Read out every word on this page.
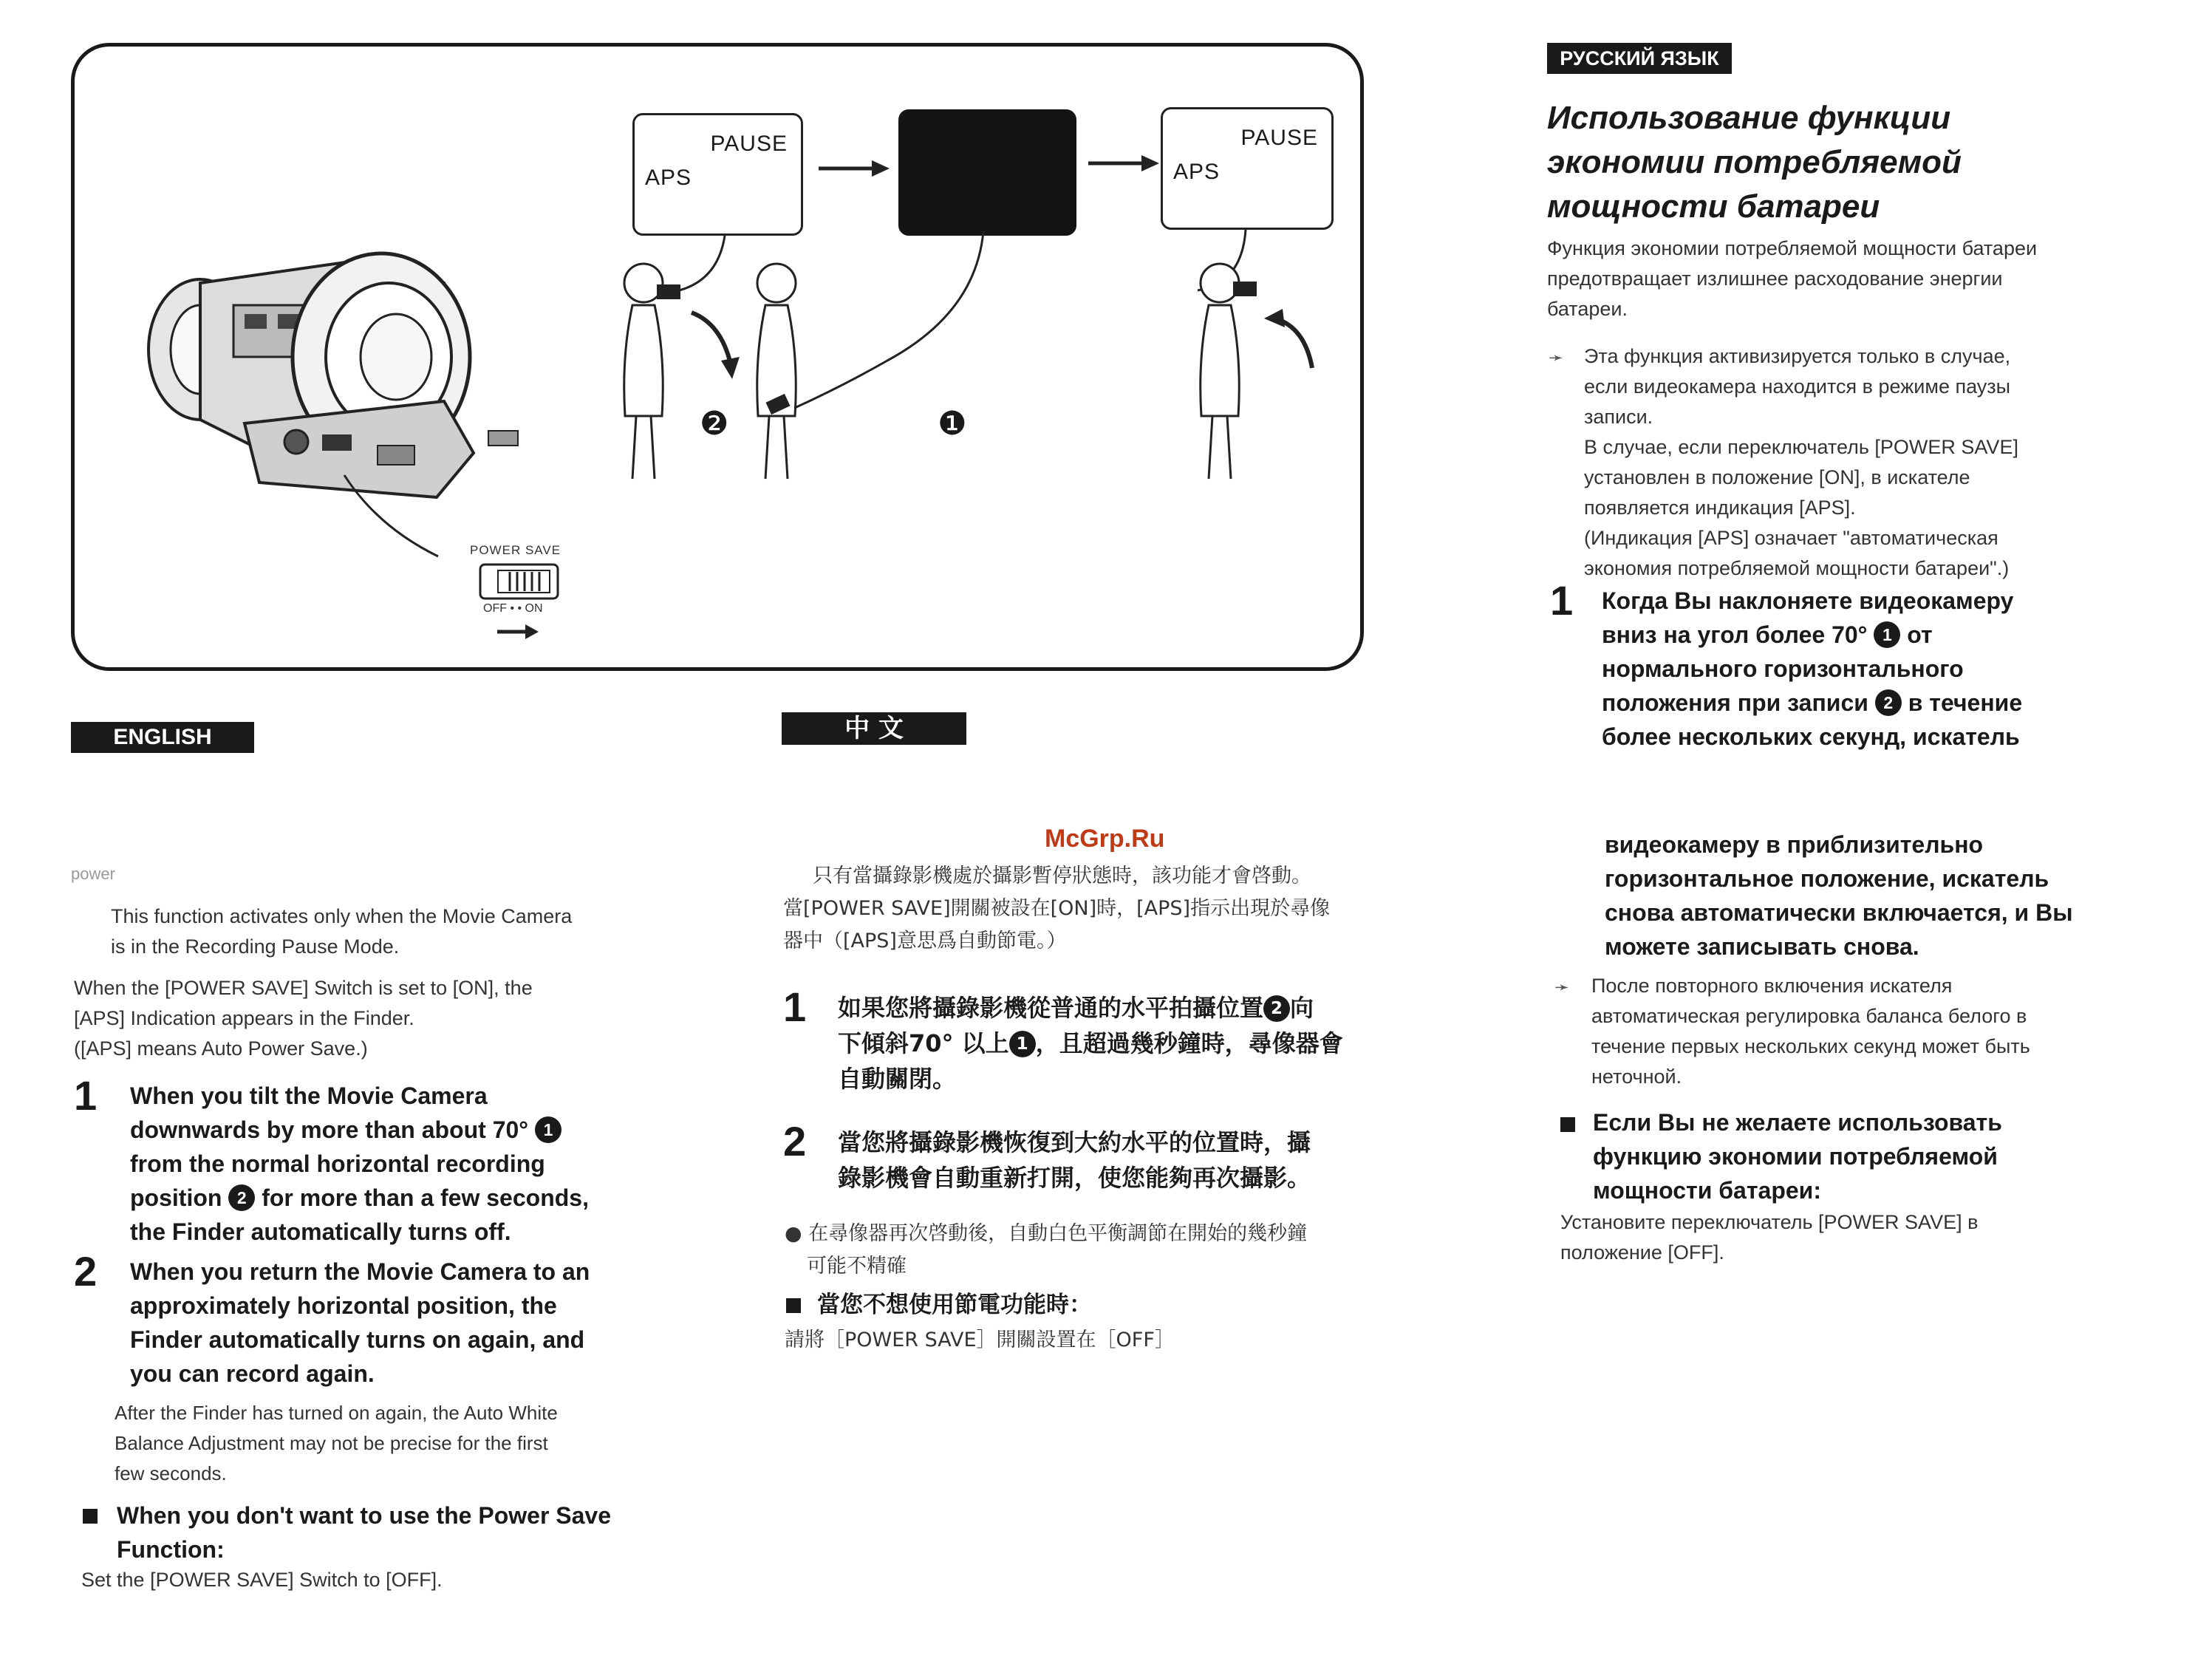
POWER SAVE
OFF • • ON
PAUSE
APS
PAUSE
APS
❷	❶
ENGLISH
power
This function activates only when the Movie Camera
is in the Recording Pause Mode.
When the [POWER SAVE] Switch is set to [ON], the
[APS] Indication appears in the Finder.
([APS] means Auto Power Save.)
1 When you tilt the Movie Camera
downwards by more than about 70° 1
from the normal horizontal recording
position 2 for more than a few seconds,
the Finder automatically turns off.
2 When you return the Movie Camera to an
approximately horizontal position, the
Finder automatically turns on again, and
you can record again.
After the Finder has turned on again, the Auto White
Balance Adjustment may not be precise for the first
few seconds.
When you don't want to use the Power Save
Function:
Set the [POWER SAVE] Switch to [OFF].
中 文
McGrp.Ru
只有當攝錄影機處於攝影暫停狀態時，該功能才會啓動。
當[POWER SAVE]開關被設在[ON]時，[APS]指示出現於尋像
器中（[APS]意思爲自動節電。）
1 如果您將攝錄影機從普通的水平拍攝位置 2 向
下傾斜70° 以上 1 ，且超過幾秒鐘時，尋像器會
自動關閉。
2 當您將攝錄影機恢復到大約水平的位置時，攝
錄影機會自動重新打開，使您能夠再次攝影。
● 在尋像器再次啓動後，自動白色平衡調節在開始的幾秒鐘
可能不精確
當您不想使用節電功能時：
請將［POWER SAVE］開關設置在［OFF］
РУССКИЙ ЯЗЫК
Использование функции
экономии потребляемой
мощности батареи
Функция экономии потребляемой мощности батареи
предотвращает излишнее расходование энергии
батареи.
➛ Эта функция активизируется только в случае,
если видеокамера находится в режиме паузы
записи.
В случае, если переключатель [POWER SAVE]
установлен в положение [ON], в искателе
появляется индикация [APS].
(Индикация [APS] означает "автоматическая
экономия потребляемой мощности батареи".)
1 Когда Вы наклоняете видеокамеру
вниз на угол более 70° 1 от
нормального горизонтального
положения при записи 2 в течение
более нескольких секунд, искатель
видеокамеру в приблизительно
горизонтальное положение, искатель
снова автоматически включается, и Вы
можете записывать снова.
➛ После повторного включения искателя
автоматическая регулировка баланса белого в
течение первых нескольких секунд может быть
неточной.
Если Вы не желаете использовать
функцию экономии потребляемой
мощности батареи:
Установите переключатель [POWER SAVE] в
положение [OFF].
